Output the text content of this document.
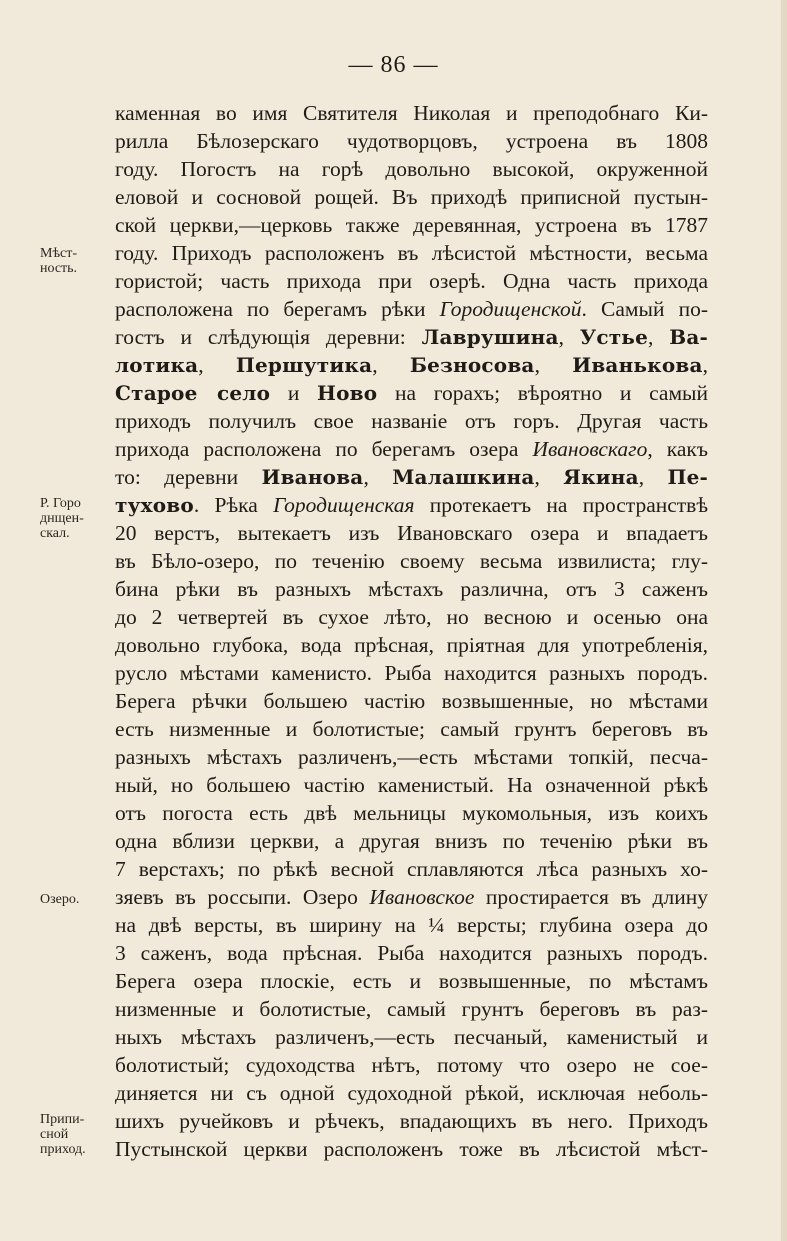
— 86 —
каменная во имя Святителя Николая и преподобнаго Ки-
рилла Бѣлозерскаго чудотворцовъ, устроена въ 1808
году. Погостъ на горѣ довольно высокой, окруженной
еловой и сосновой рощей. Въ приходѣ приписной пустын-
ской церкви,—церковь также деревянная, устроена въ 1787
году. Приходъ расположенъ въ лѣсистой мѣстности, весьма
гористой; часть прихода при озерѣ. Одна часть прихода
расположена по берегамъ рѣки Городищенской. Самый по-
гостъ и слѣдующія деревни: Лаврушина, Устье, Ва-
лотика, Першутика, Безносова, Иванькова,
Старое село и Ново на горахъ; вѣроятно и самый
приходъ получилъ свое названіе отъ горъ. Другая часть
прихода расположена по берегамъ озера Ивановскаго, какъ
то: деревни Иванова, Малашкина, Якина, Пе-
тухово. Рѣка Городищенская протекаетъ на пространствѣ
20 верстъ, вытекаетъ изъ Ивановскаго озера и впадаетъ
въ Бѣло-озеро, по теченію своему весьма извилиста; глу-
бина рѣки въ разныхъ мѣстахъ различна, отъ 3 саженъ
до 2 четвертей въ сухое лѣто, но весною и осенью она
довольно глубока, вода прѣсная, пріятная для употребленія,
русло мѣстами каменисто. Рыба находится разныхъ породъ.
Берега рѣчки большею частію возвышенные, но мѣстами
есть низменные и болотистые; самый грунтъ береговъ въ
разныхъ мѣстахъ различенъ,—есть мѣстами топкій, песча-
ный, но большею частію каменистый. На означенной рѣкѣ
отъ погоста есть двѣ мельницы мукомольныя, изъ коихъ
одна вблизи церкви, а другая внизъ по теченію рѣки въ
7 верстахъ; по рѣкѣ весной сплавляются лѣса разныхъ хо-
зяевъ въ россыпи. Озеро Ивановское простирается въ длину
на двѣ версты, въ ширину на ¼ версты; глубина озера до
3 саженъ, вода прѣсная. Рыба находится разныхъ породъ.
Берега озера плоскіе, есть и возвышенные, по мѣстамъ
низменные и болотистые, самый грунтъ береговъ въ раз-
ныхъ мѣстахъ различенъ,—есть песчаный, каменистый и
болотистый; судоходства нѣтъ, потому что озеро не сое-
диняется ни съ одной судоходной рѣкой, исключая неболь-
шихъ ручейковъ и рѣчекъ, впадающихъ въ него. Приходъ
Пустынской церкви расположенъ тоже въ лѣсистой мѣст-
Мѣст-
ность.
Р. Горо
днщен-
скал.
Озеро.
Припи-
сной
приход.
